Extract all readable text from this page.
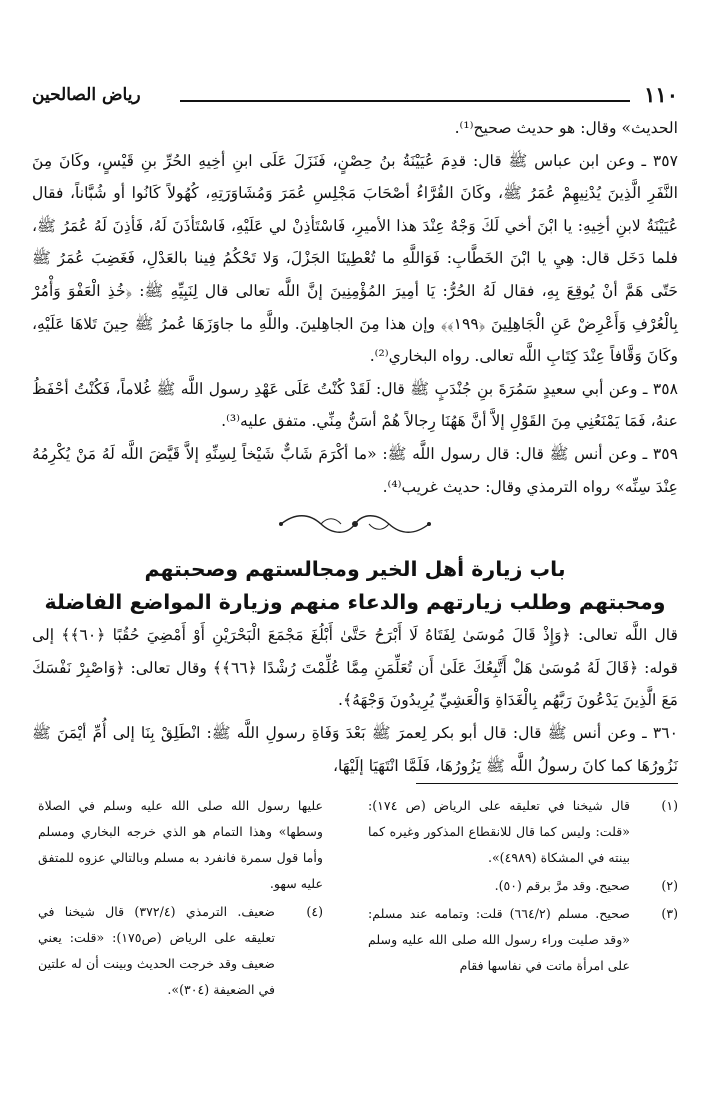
١١٠
رياض الصالحين

الحديث» وقال: هو حديث صحيح⁽¹⁾.

٣٥٧ ـ وعن ابن عباس ﷺ قال: قدِمَ عُيَيْنَةُ بنُ حِصْنٍ، فَنَزَلَ عَلَى ابنِ أخِيهِ الحُرِّ بنِ قَيْسٍ، وكَانَ مِنَ النَّفَرِ الَّذِينَ يُدْنِيهِمْ عُمَرُ ﷺ، وكَانَ القُرَّاءُ أصْحَابَ مَجْلِسِ عُمَرَ وَمُشَاوَرَتِهِ، كُهُولاً كَانُوا أو شُبَّاناً، فقال عُيَيْنَةُ لابنِ أخِيهِ: يا ابْنَ أخي لَكَ وَجْهٌ عِنْدَ هذا الأميرِ، فَاسْتَأذِنْ لي عَلَيْهِ، فَاسْتَأذَنَ لَهُ، فَأذِنَ لَهُ عُمَرُ ﷺ، فلما دَخَل قال: هِيِ يا ابْنَ الخَطَّابِ: فَوَاللَّهِ ما تُعْطِينَا الجَزْلَ، وَلا تَحْكُمُ فِينا بالعَدْلِ، فَغَضِبَ عُمَرُ ﷺ حَتّى هَمَّ أنْ يُوقِعَ بِهِ، فقال لَهُ الحُرُّ: يَا أمِيرَ المُؤْمِنِينَ إنَّ اللَّه تعالى قال لِنَبِيِّهِ ﷺ: ﴿خُذِ الْعَفْوَ وَأْمُرْ بِالْعُرْفِ وَأَعْرِضْ عَنِ الْجَاهِلِينَ ﴿١٩٩﴾﴾ وإن هذا مِنَ الجاهِلينَ. واللَّهِ ما جاوَزَهَا عُمرُ ﷺ حِينَ تَلاهَا عَلَيْهِ، وكَانَ وَقَّافاً عِنْدَ كِتَابِ اللَّه تعالى. رواه البخاري⁽²⁾.

٣٥٨ ـ وعن أبي سعيدٍ سَمُرَةَ بنِ جُنْدَبٍ ﷺ قال: لَقَدْ كُنْتُ عَلَى عَهْدِ رسول اللَّه ﷺ غُلاماً، فَكُنْتُ أحْفَظُ عنهُ، فَمَا يَمْنَعُنِي مِنَ القَوْلِ إلاَّ أنَّ هَهُنَا رِجالاً هُمْ أسَنُّ مِنِّي. متفق عليه⁽³⁾.

٣٥٩ ـ وعن أنس ﷺ قال: قال رسول اللَّه ﷺ: «ما أكْرَمَ شَابٌّ شَيْخاً لِسِنِّهِ إلاَّ قَيَّضَ اللَّه لَهُ مَنْ يُكْرِمُهُ عِنْدَ سِنِّه» رواه الترمذي وقال: حديث غريب⁽⁴⁾.

باب زيارة أهل الخير ومجالستهم وصحبتهم
ومحبتهم وطلب زيارتهم والدعاء منهم وزيارة المواضع الفاضلة

قال اللَّه تعالى: ﴿وَإِذْ قَالَ مُوسَىٰ لِفَتَاهُ لَا أَبْرَحُ حَتَّىٰ أَبْلُغَ مَجْمَعَ الْبَحْرَيْنِ أَوْ أَمْضِيَ حُقُبًا ﴿٦٠﴾﴾ إلى قوله: ﴿قَالَ لَهُ مُوسَىٰ هَلْ أَتَّبِعُكَ عَلَىٰ أَن تُعَلِّمَنِ مِمَّا عُلِّمْتَ رُشْدًا ﴿٦٦﴾﴾ وقال تعالى: ﴿وَاصْبِرْ نَفْسَكَ مَعَ الَّذِينَ يَدْعُونَ رَبَّهُم بِالْغَدَاةِ وَالْعَشِيِّ يُرِيدُونَ وَجْهَهُ﴾.

٣٦٠ ـ وعن أنس ﷺ قال: قال أبو بكر لِعمرَ ﷺ بَعْدَ وَفَاةِ رسولِ اللَّه ﷺ: انْطَلِقْ بِنَا إلى أُمِّ أيْمَنَ ﷺ نَزُورُهَا كما كانَ رسولُ اللَّه ﷺ يَزُورُهَا، فَلَمَّا انْتَهَيَا إلَيْهَا،

(١)
قال شيخنا في تعليقه على الرياض (ص ١٧٤): «قلت: وليس كما قال للانقطاع المذكور وغيره كما بينته في المشكاة (٤٩٨٩)».
(٢)
صحيح. وقد مرَّ برقم (٥٠).
(٣)
صحيح. مسلم (٦٦٤/٢) قلت: وتمامه عند مسلم: «وقد صليت وراء رسول الله صلى الله عليه وسلم على امرأة ماتت في نفاسها فقام
عليها رسول الله صلى الله عليه وسلم في الصلاة وسطها» وهذا التمام هو الذي خرجه البخاري ومسلم وأما قول سمرة فانفرد به مسلم وبالتالي عزوه للمتفق عليه سهو.
(٤)
ضعيف. الترمذي (٣٧٢/٤) قال شيخنا في تعليقه على الرياض (ص١٧٥): «قلت: يعني ضعيف وقد خرجت الحديث وبينت أن له علتين في الضعيفة (٣٠٤)».
